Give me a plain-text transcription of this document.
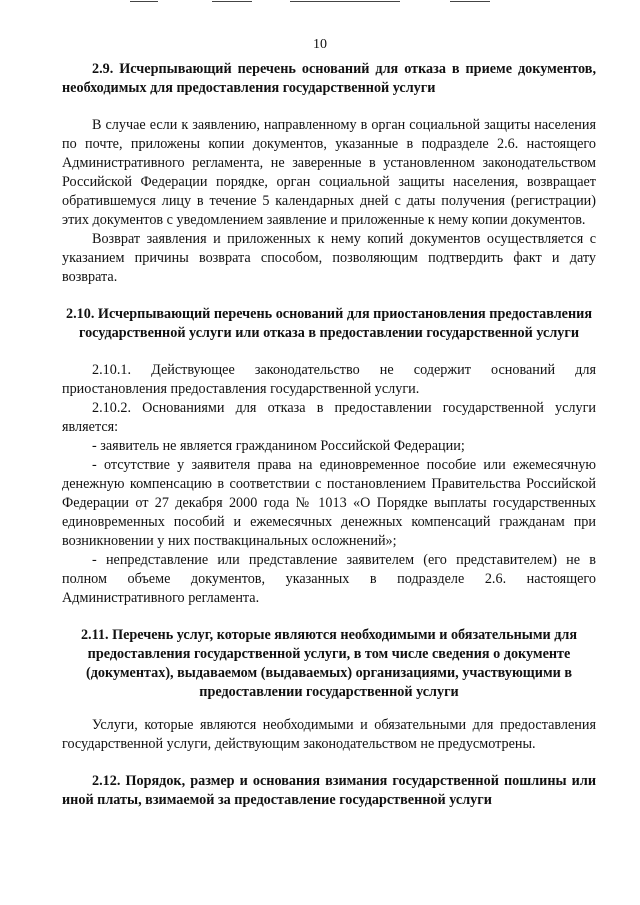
10

2.9. Исчерпывающий перечень оснований для отказа в приеме документов, необходимых для предоставления государственной услуги

В случае если к заявлению, направленному в орган социальной защиты населения по почте, приложены копии документов, указанные в подразделе 2.6. настоящего Административного регламента, не заверенные в установленном законодательством Российской Федерации порядке, орган социальной защиты населения, возвращает обратившемуся лицу в течение 5 календарных дней с даты получения (регистрации) этих документов с уведомлением заявление и приложенные к нему копии документов.

Возврат заявления и приложенных к нему копий документов осуществляется с указанием причины возврата способом, позволяющим подтвердить факт и дату возврата.

2.10. Исчерпывающий перечень оснований для приостановления предоставления государственной услуги или отказа в предоставлении государственной услуги

2.10.1. Действующее законодательство не содержит оснований для приостановления предоставления государственной услуги.

2.10.2. Основаниями для отказа в предоставлении государственной услуги является:

- заявитель не является гражданином Российской Федерации;

- отсутствие у заявителя права на единовременное пособие или ежемесячную денежную компенсацию в соответствии с постановлением Правительства Российской Федерации от 27 декабря 2000 года № 1013 «О Порядке выплаты государственных единовременных пособий и ежемесячных денежных компенсаций гражданам при возникновении у них поствакцинальных осложнений»;

- непредставление или представление заявителем (его представителем) не в полном объеме документов, указанных в подразделе 2.6. настоящего Административного регламента.

2.11. Перечень услуг, которые являются необходимыми и обязательными для предоставления государственной услуги, в том числе сведения о документе (документах), выдаваемом (выдаваемых) организациями, участвующими в предоставлении государственной услуги

Услуги, которые являются необходимыми и обязательными для предоставления государственной услуги, действующим законодательством не предусмотрены.

2.12. Порядок, размер и основания взимания государственной пошлины или иной платы, взимаемой за предоставление государственной услуги
